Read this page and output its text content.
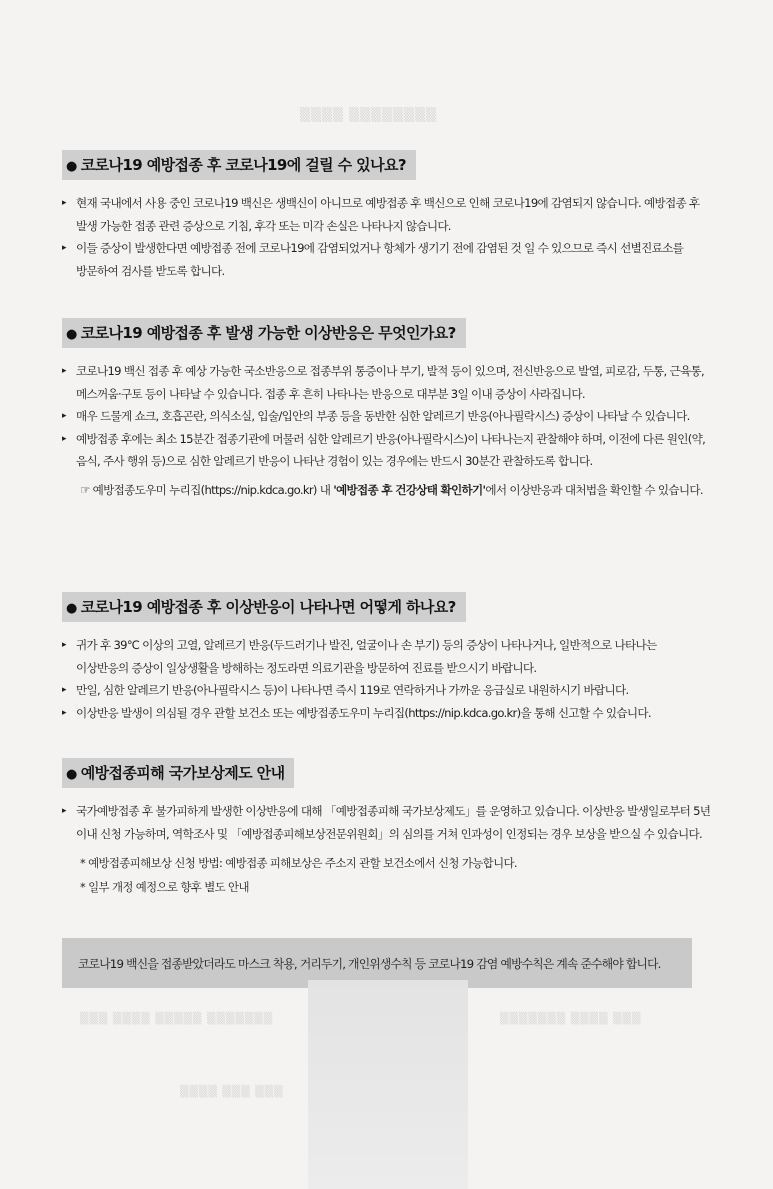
▒▒▒▒ ▒▒▒▒▒▒▒▒
● 코로나19 예방접종 후 코로나19에 걸릴 수 있나요?
▸ 현재 국내에서 사용 중인 코로나19 백신은 생백신이 아니므로 예방접종 후 백신으로 인해 코로나19에 감염되지 않습니다. 예방접종 후 발생 가능한 접종 관련 증상으로 기침, 후각 또는 미각 손실은 나타나지 않습니다.
▸ 이들 증상이 발생한다면 예방접종 전에 코로나19에 감염되었거나 항체가 생기기 전에 감염된 것 일 수 있으므로 즉시 선별진료소를 방문하여 검사를 받도록 합니다.
● 코로나19 예방접종 후 발생 가능한 이상반응은 무엇인가요?
▸ 코로나19 백신 접종 후 예상 가능한 국소반응으로 접종부위 통증이나 부기, 발적 등이 있으며, 전신반응으로 발열, 피로감, 두통, 근육통, 메스꺼움·구토 등이 나타날 수 있습니다. 접종 후 흔히 나타나는 반응으로 대부분 3일 이내 증상이 사라집니다.
▸ 매우 드물게 쇼크, 호흡곤란, 의식소실, 입술/입안의 부종 등을 동반한 심한 알레르기 반응(아나필락시스) 증상이 나타날 수 있습니다.
▸ 예방접종 후에는 최소 15분간 접종기관에 머물러 심한 알레르기 반응(아나필락시스)이 나타나는지 관찰해야 하며, 이전에 다른 원인(약, 음식, 주사 행위 등)으로 심한 알레르기 반응이 나타난 경험이 있는 경우에는 반드시 30분간 관찰하도록 합니다.
☞ 예방접종도우미 누리집(https://nip.kdca.go.kr) 내 '예방접종 후 건강상태 확인하기'에서 이상반응과 대처법을 확인할 수 있습니다.
● 코로나19 예방접종 후 이상반응이 나타나면 어떻게 하나요?
▸ 귀가 후 39℃ 이상의 고열, 알레르기 반응(두드러기나 발진, 얼굴이나 손 부기) 등의 증상이 나타나거나, 일반적으로 나타나는 이상반응의 증상이 일상생활을 방해하는 정도라면 의료기관을 방문하여 진료를 받으시기 바랍니다.
▸ 만일, 심한 알레르기 반응(아나필락시스 등)이 나타나면 즉시 119로 연락하거나 가까운 응급실로 내원하시기 바랍니다.
▸ 이상반응 발생이 의심될 경우 관할 보건소 또는 예방접종도우미 누리집(https://nip.kdca.go.kr)을 통해 신고할 수 있습니다.
● 예방접종피해 국가보상제도 안내
▸ 국가예방접종 후 불가피하게 발생한 이상반응에 대해 「예방접종피해 국가보상제도」를 운영하고 있습니다. 이상반응 발생일로부터 5년 이내 신청 가능하며, 역학조사 및 「예방접종피해보상전문위원회」의 심의를 거쳐 인과성이 인정되는 경우 보상을 받으실 수 있습니다.
* 예방접종피해보상 신청 방법: 예방접종 피해보상은 주소지 관할 보건소에서 신청 가능합니다.
* 일부 개정 예정으로 향후 별도 안내
코로나19 백신을 접종받았더라도 마스크 착용, 거리두기, 개인위생수칙 등 코로나19 감염 예방수칙은 계속 준수해야 합니다.
▒▒▒ ▒▒▒▒ ▒▒▒▒▒ ▒▒▒▒▒▒▒	▒▒▒▒▒▒▒ ▒▒▒▒ ▒▒▒
▒▒▒▒ ▒▒▒ ▒▒▒
